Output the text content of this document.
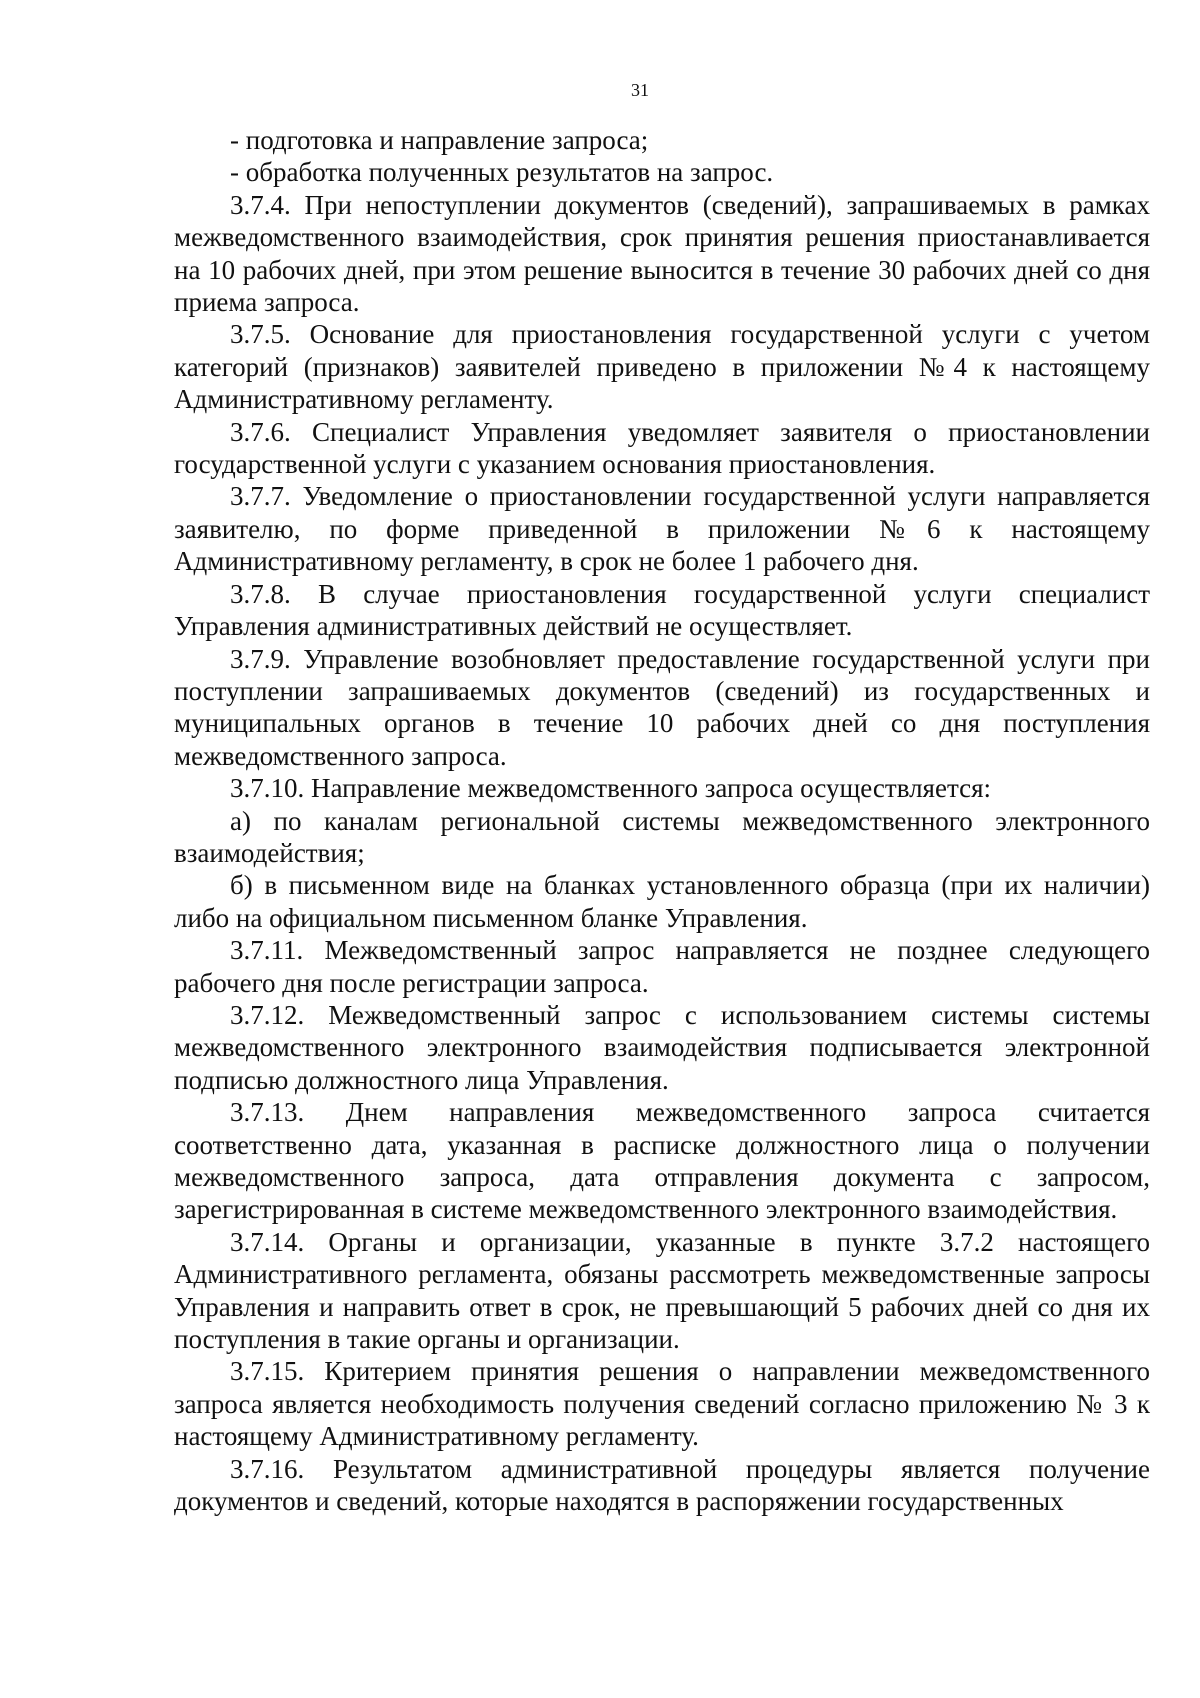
31

- подготовка и направление запроса;

- обработка полученных результатов на запрос.

3.7.4. При непоступлении документов (сведений), запрашиваемых в рамках межведомственного взаимодействия, срок принятия решения приостанавливается на 10 рабочих дней, при этом решение выносится в течение 30 рабочих дней со дня приема запроса.

3.7.5. Основание для приостановления государственной услуги с учетом категорий (признаков) заявителей приведено в приложении №4 к настоящему Административному регламенту.

3.7.6. Специалист Управления уведомляет заявителя о приостановлении государственной услуги с указанием основания приостановления.

3.7.7. Уведомление о приостановлении государственной услуги направляется заявителю, по форме приведенной в приложении №6 к настоящему Административному регламенту, в срок не более 1 рабочего дня.

3.7.8. В случае приостановления государственной услуги специалист Управления административных действий не осуществляет.

3.7.9. Управление возобновляет предоставление государственной услуги при поступлении запрашиваемых документов (сведений) из государственных и муниципальных органов в течение 10 рабочих дней со дня поступления межведомственного запроса.

3.7.10. Направление межведомственного запроса осуществляется:

а) по каналам региональной системы межведомственного электронного взаимодействия;

б) в письменном виде на бланках установленного образца (при их наличии) либо на официальном письменном бланке Управления.

3.7.11. Межведомственный запрос направляется не позднее следующего рабочего дня после регистрации запроса.

3.7.12. Межведомственный запрос с использованием системы системы межведомственного электронного взаимодействия подписывается электронной подписью должностного лица Управления.

3.7.13. Днем направления межведомственного запроса считается соответственно дата, указанная в расписке должностного лица о получении межведомственного запроса, дата отправления документа с запросом, зарегистрированная в системе межведомственного электронного взаимодействия.

3.7.14. Органы и организации, указанные в пункте 3.7.2 настоящего Административного регламента, обязаны рассмотреть межведомственные запросы Управления и направить ответ в срок, не превышающий 5 рабочих дней со дня их поступления в такие органы и организации.

3.7.15. Критерием принятия решения о направлении межведомственного запроса является необходимость получения сведений согласно приложению № 3 к настоящему Административному регламенту.

3.7.16. Результатом административной процедуры является получение документов и сведений, которые находятся в распоряжении государственных
